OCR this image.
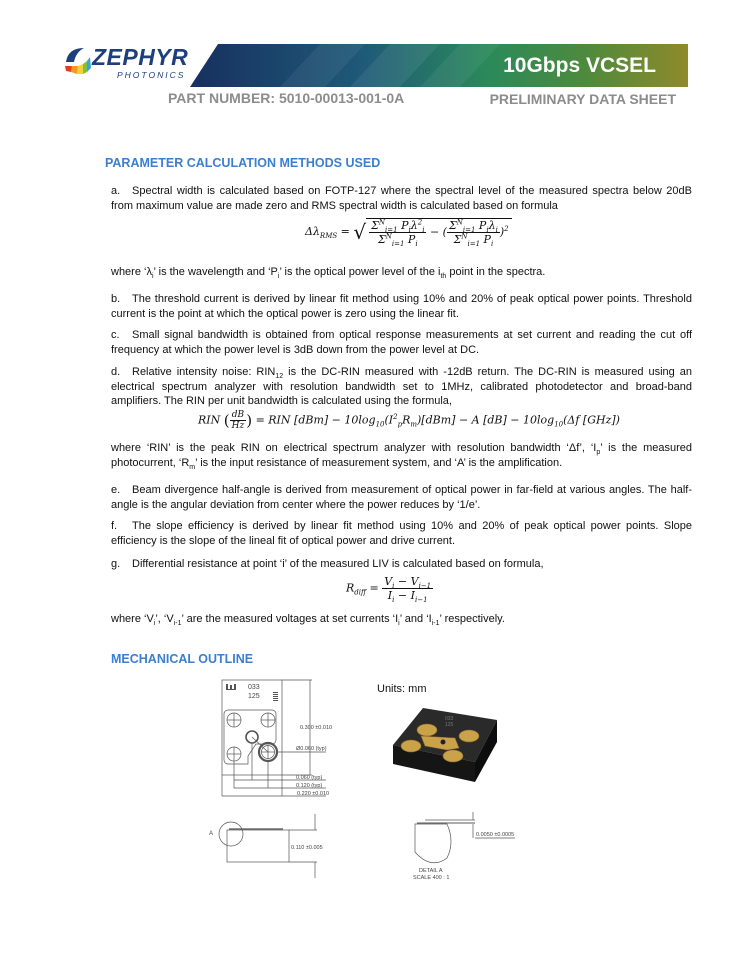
ZEPHYR
PHOTONICS	10Gbps VCSEL
PART NUMBER: 5010-00013-001-0A	PRELIMINARY DATA SHEET
PARAMETER CALCULATION METHODS USED

a. Spectral width is calculated based on FOTP-127 where the spectral level of the measured spectra below 20dB from maximum value are made zero and RMS spectral width is calculated based on formula

$\Delta\lambda_{RMS}$ = √ $\frac{\Sigma^N_{i=1} P_i\lambda^2_i}{\Sigma^N_{i=1} P_i}$ − ( $\frac{\Sigma^N_{i=1} P_i\lambda_i}{\Sigma^N_{i=1} P_i} )^2$

where ‘$\lambda_i$’ is the wavelength and ‘$P_i$’ is the optical power level of the $i_{th}$ point in the spectra.

b. The threshold current is derived by linear fit method using 10% and 20% of peak optical power points. Threshold current is the point at which the optical power is zero using the linear fit.

c. Small signal bandwidth is obtained from optical response measurements at set current and reading the cut off frequency at which the power level is 3dB down from the power level at DC.

d. Relative intensity noise: $RIN_{12}$ is the DC-RIN measured with -12dB return. The DC-RIN is measured using an electrical spectrum analyzer with resolution bandwidth set to 1MHz, calibrated photodetector and broad-band amplifiers. The RIN per unit bandwidth is calculated using the formula,

RIN ( $\frac{dB}{Hz}$ ) = RIN $[dBm] - 10\log_{10}(I^2_pR_m)[dBm] - A$ $[dB] - 10\log_{10}(\Delta f$ [GHz])

where ‘RIN’ is the peak RIN on electrical spectrum analyzer with resolution bandwidth ‘Δf’, ‘$I_p$’ is the measured photocurrent, ‘$R_m$’ is the input resistance of measurement system, and ‘A’ is the amplification.

e. Beam divergence half-angle is derived from measurement of optical power in far-field at various angles. The half-angle is the angular deviation from center where the power reduces by ‘1/e’.

f. The slope efficiency is derived by linear fit method using 10% and 20% of peak optical power points. Slope efficiency is the slope of the lineal fit of optical power and drive current.

g. Differential resistance at point ‘i’ of the measured LIV is calculated based on formula,

$R_{diff} = \frac{V_i - V_{i-1}}{I_i - I_{i-1}}$

where ‘$V_i$’, ‘$V_{i-1}$’ are the measured voltages at set currents ‘$I_i$’ and ‘$I_{i-1}$’ respectively.

MECHANICAL OUTLINE
Units: mm
033
125
0.300 ±0.010
Ø0.060 (typ)
0.060 (typ)
0.120 (typ)
0.220 ±0.010
033
125
A
0.110 ±0.005
0.0050 ±0.0005
DETAIL A
SCALE 400 : 1
